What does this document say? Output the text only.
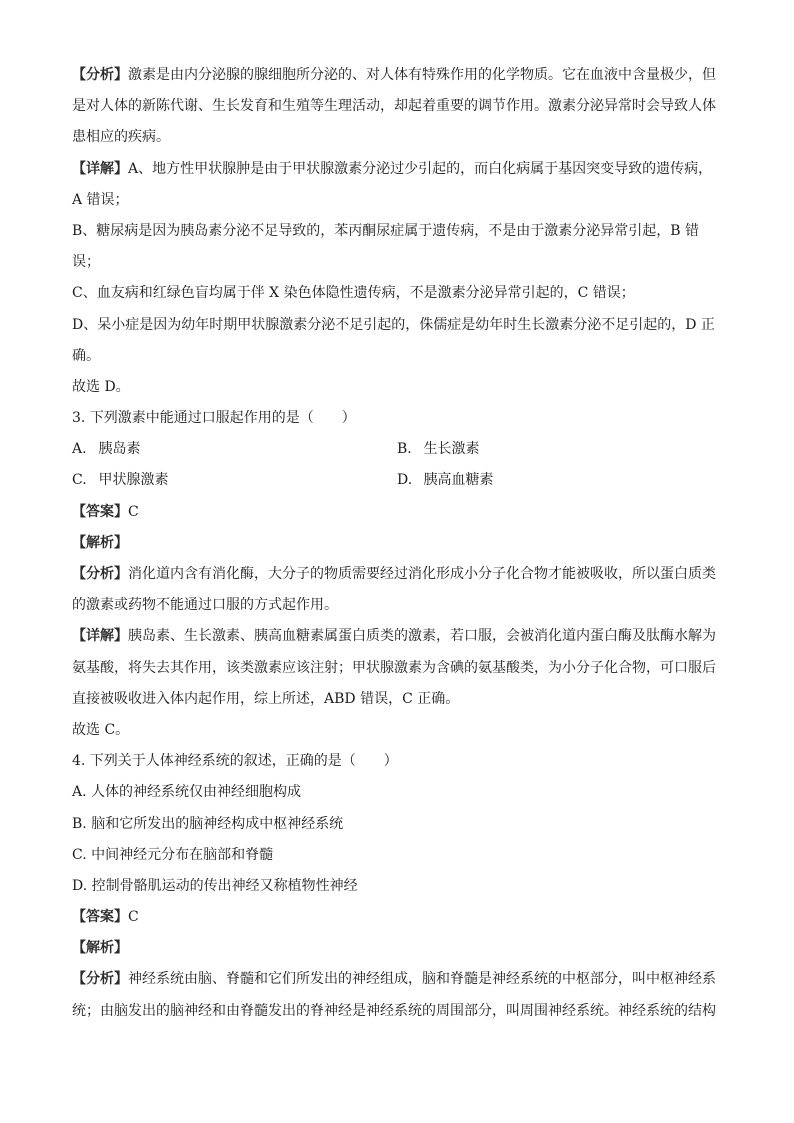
【分析】激素是由内分泌腺的腺细胞所分泌的、对人体有特殊作用的化学物质。它在血液中含量极少，但
是对人体的新陈代谢、生长发育和生殖等生理活动，却起着重要的调节作用。激素分泌异常时会导致人体
患相应的疾病。
【详解】A、地方性甲状腺肿是由于甲状腺激素分泌过少引起的，而白化病属于基因突变导致的遗传病，
A 错误；
B、糖尿病是因为胰岛素分泌不足导致的，苯丙酮尿症属于遗传病，不是由于激素分泌异常引起，B 错
误；
C、血友病和红绿色盲均属于伴 X 染色体隐性遗传病，不是激素分泌异常引起的，C 错误；
D、呆小症是因为幼年时期甲状腺激素分泌不足引起的，侏儒症是幼年时生长激素分泌不足引起的，D 正
确。
故选 D。
3. 下列激素中能通过口服起作用的是（　　）
A. 胰岛素	B. 生长激素
C. 甲状腺激素	D. 胰高血糖素
【答案】C
【解析】
【分析】消化道内含有消化酶，大分子的物质需要经过消化形成小分子化合物才能被吸收，所以蛋白质类
的激素或药物不能通过口服的方式起作用。
【详解】胰岛素、生长激素、胰高血糖素属蛋白质类的激素，若口服，会被消化道内蛋白酶及肽酶水解为
氨基酸，将失去其作用，该类激素应该注射；甲状腺激素为含碘的氨基酸类，为小分子化合物，可口服后
直接被吸收进入体内起作用，综上所述，ABD 错误，C 正确。
故选 C。
4. 下列关于人体神经系统的叙述，正确的是（　　）
A. 人体的神经系统仅由神经细胞构成
B. 脑和它所发出的脑神经构成中枢神经系统
C. 中间神经元分布在脑部和脊髓
D. 控制骨骼肌运动的传出神经又称植物性神经
【答案】C
【解析】
【分析】神经系统由脑、脊髓和它们所发出的神经组成，脑和脊髓是神经系统的中枢部分，叫中枢神经系
统；由脑发出的脑神经和由脊髓发出的脊神经是神经系统的周围部分，叫周围神经系统。神经系统的结构
